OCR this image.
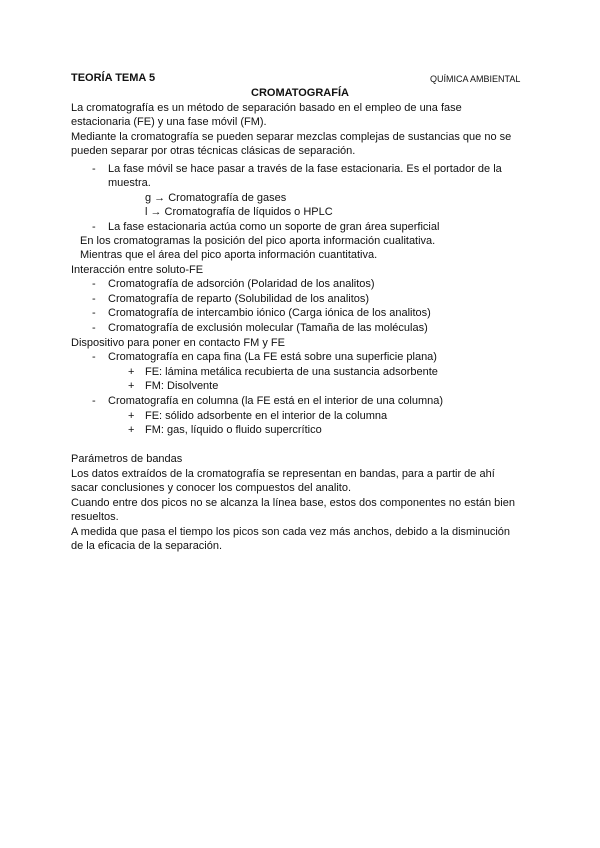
TEORÍA TEMA 5	QUÍMICA AMBIENTAL
CROMATOGRAFÍA
La cromatografía es un método de separación basado en el empleo de una fase
estacionaria (FE) y una fase móvil (FM).
Mediante la cromatografía se pueden separar mezclas complejas de sustancias que no se
pueden separar por otras técnicas clásicas de separación.
- La fase móvil se hace pasar a través de la fase estacionaria. Es el portador de la
muestra.
g → Cromatografía de gases
l → Cromatografía de líquidos o HPLC
- La fase estacionaria actúa como un soporte de gran área superficial
En los cromatogramas la posición del pico aporta información cualitativa.
Mientras que el área del pico aporta información cuantitativa.
Interacción entre soluto-FE
- Cromatografía de adsorción (Polaridad de los analitos)
- Cromatografía de reparto (Solubilidad de los analitos)
- Cromatografía de intercambio iónico (Carga iónica de los analitos)
- Cromatografía de exclusión molecular (Tamaña de las moléculas)
Dispositivo para poner en contacto FM y FE
- Cromatografía en capa fina (La FE está sobre una superficie plana)
+ FE: lámina metálica recubierta de una sustancia adsorbente
+ FM: Disolvente
- Cromatografía en columna (la FE está en el interior de una columna)
+ FE: sólido adsorbente en el interior de la columna
+ FM: gas, líquido o fluido supercrítico
Parámetros de bandas
Los datos extraídos de la cromatografía se representan en bandas, para a partir de ahí
sacar conclusiones y conocer los compuestos del analito.
Cuando entre dos picos no se alcanza la línea base, estos dos componentes no están bien
resueltos.
A medida que pasa el tiempo los picos son cada vez más anchos, debido a la disminución
de la eficacia de la separación.
